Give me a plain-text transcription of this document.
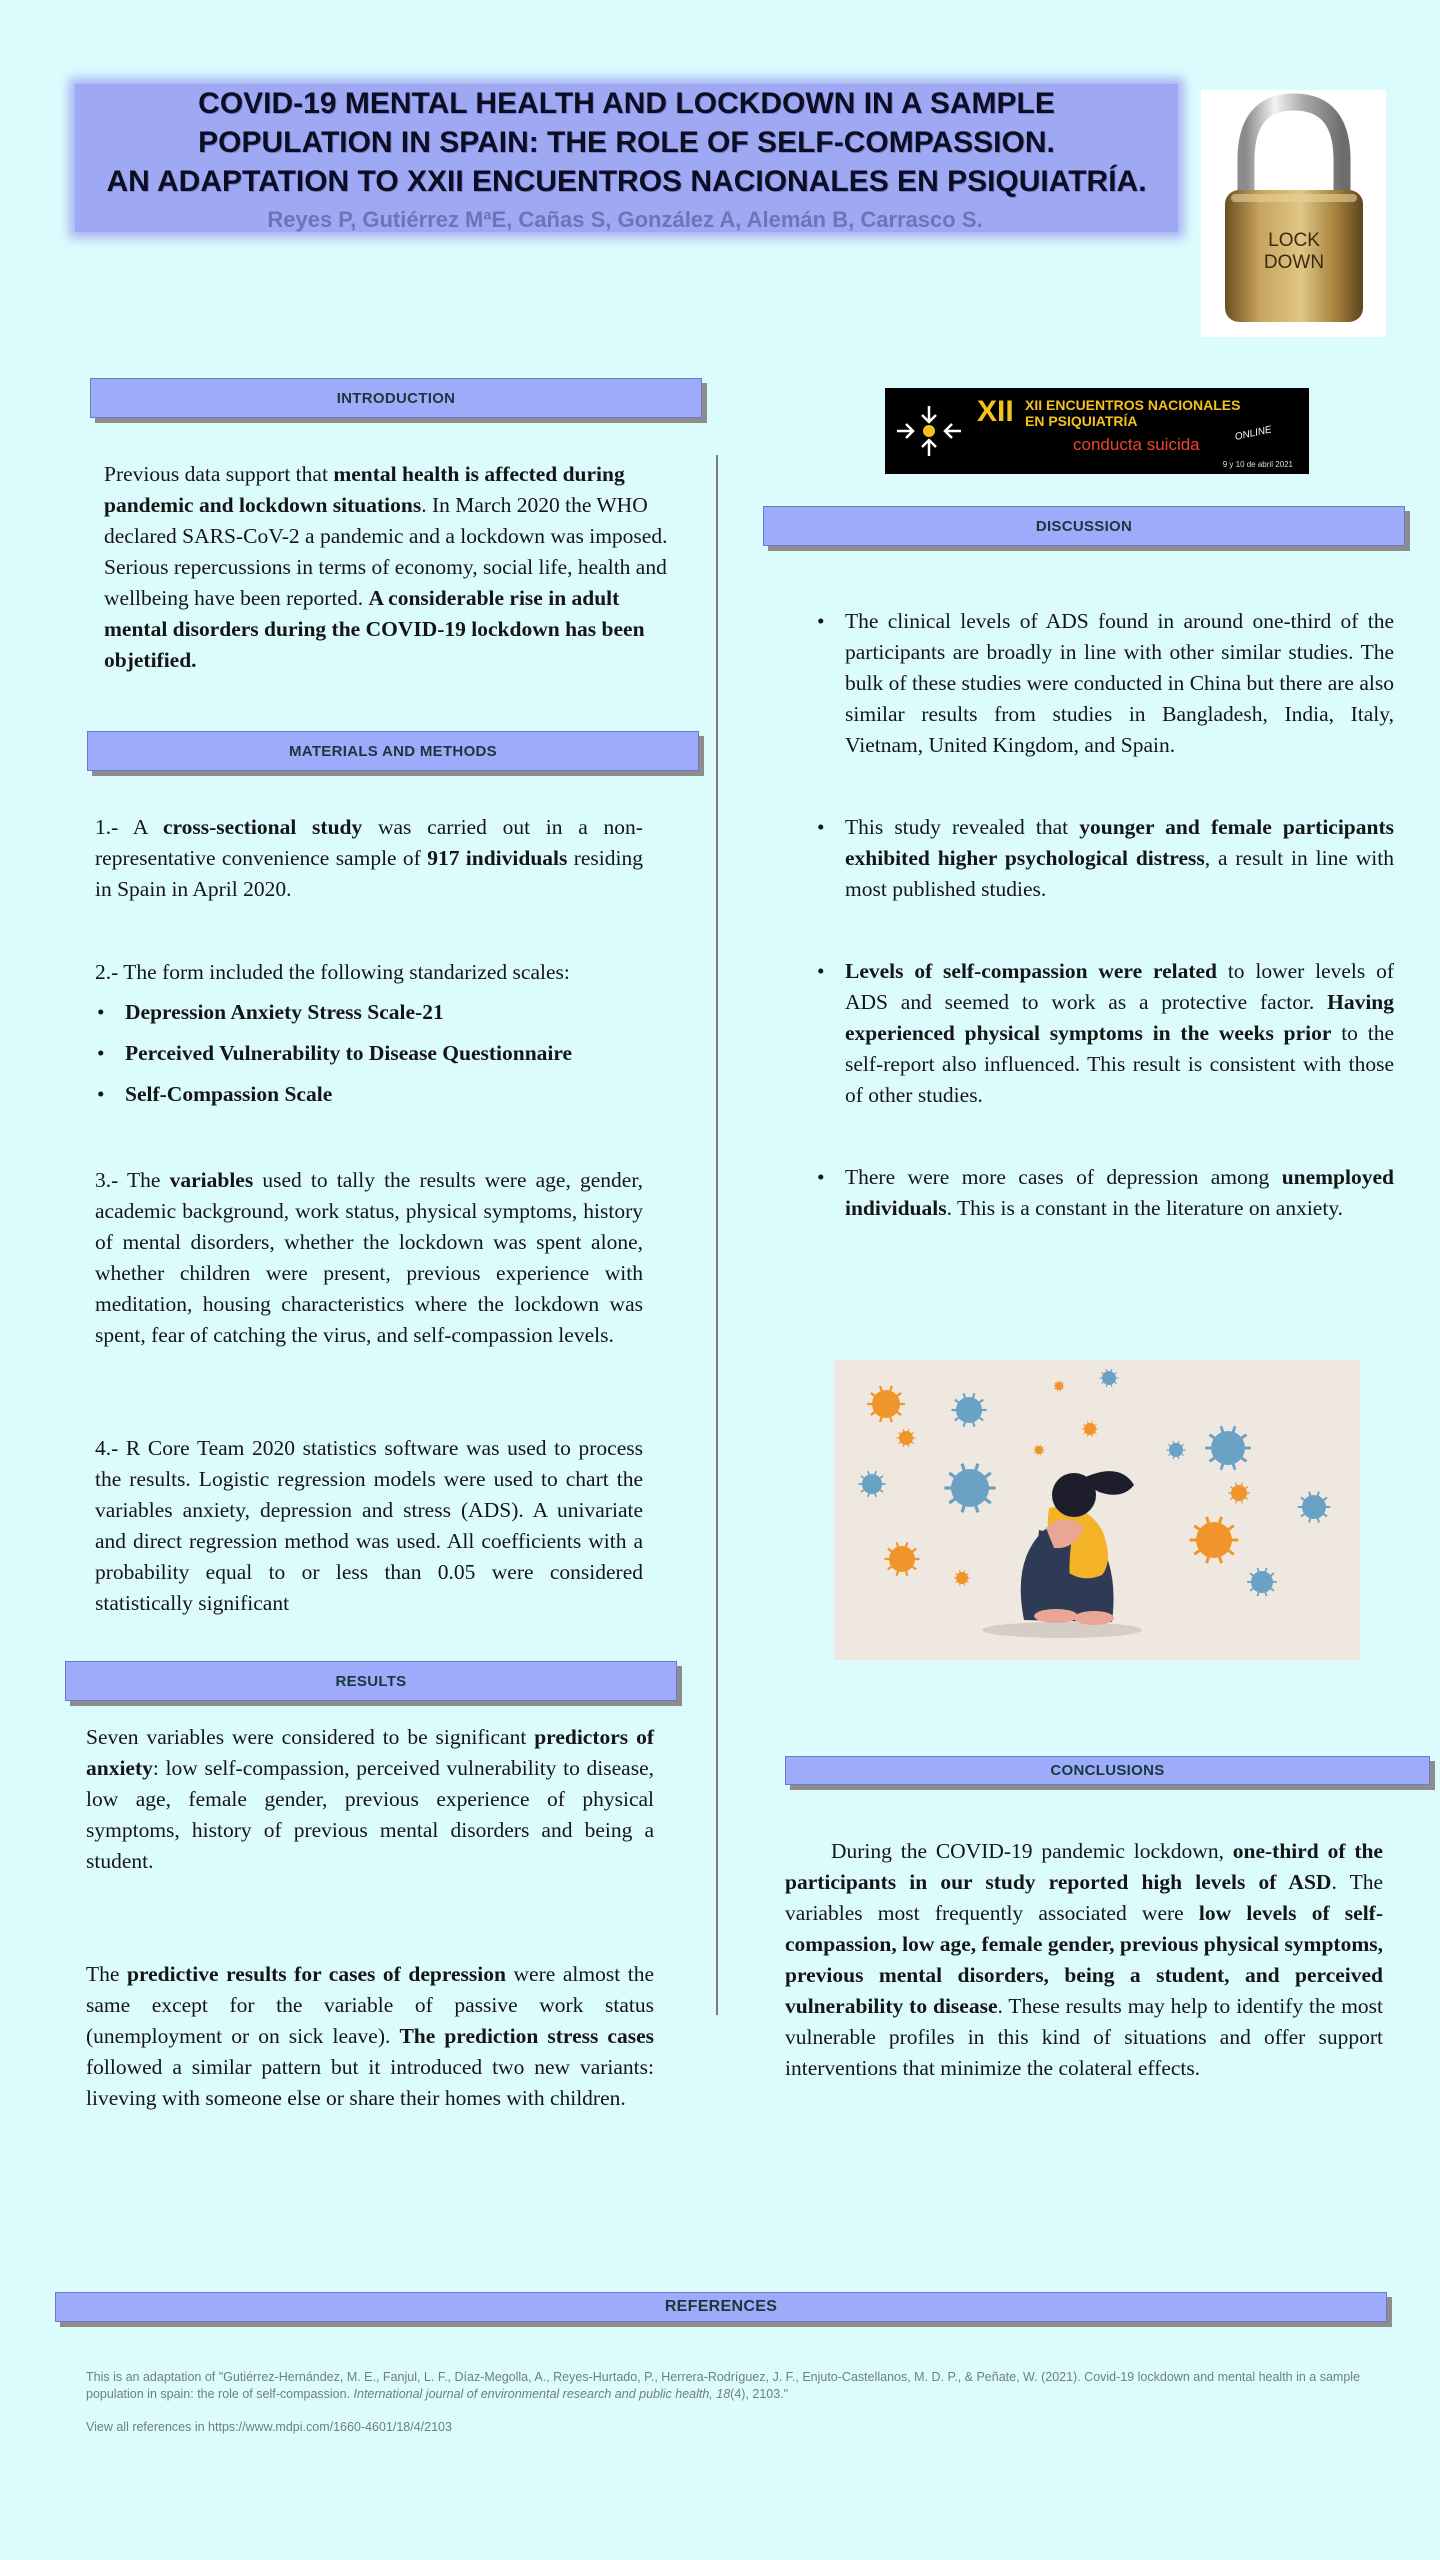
COVID-19 MENTAL HEALTH AND LOCKDOWN IN A SAMPLE
POPULATION IN SPAIN: THE ROLE OF SELF-COMPASSION.
AN ADAPTATION TO XXII ENCUENTROS NACIONALES EN PSIQUIATRÍA.
Reyes P, Gutiérrez MªE, Cañas S, González A, Alemán B, Carrasco S.
LOCK
DOWN
XII XII ENCUENTROS NACIONALES
EN PSIQUIATRÍA
ONLINE
conducta suicida
9 y 10 de abril 2021
INTRODUCTION

Previous data support that mental health is affected during pandemic and lockdown situations. In March 2020 the WHO declared SARS-CoV-2 a pandemic and a lockdown was imposed. Serious repercussions in terms of economy, social life, health and wellbeing have been reported. A considerable rise in adult mental disorders during the COVID-19 lockdown has been objetified.

MATERIALS AND METHODS

1.- A cross-sectional study was carried out in a non-representative convenience sample of 917 individuals residing in Spain in April 2020.

2.- The form included the following standarized scales:

• Depression Anxiety Stress Scale-21
• Perceived Vulnerability to Disease Questionnaire
• Self-Compassion Scale

3.- The variables used to tally the results were age, gender, academic background, work status, physical symptoms, history of mental disorders, whether the lockdown was spent alone, whether children were present, previous experience with meditation, housing characteristics where the lockdown was spent, fear of catching the virus, and self-compassion levels.

4.- R Core Team 2020 statistics software was used to process the results. Logistic regression models were used to chart the variables anxiety, depression and stress (ADS). A univariate and direct regression method was used. All coefficients with a probability equal to or less than 0.05 were considered statistically significant

RESULTS

Seven variables were considered to be significant predictors of anxiety: low self-compassion, perceived vulnerability to disease, low age, female gender, previous experience of physical symptoms, history of previous mental disorders and being a student.

The predictive results for cases of depression were almost the same except for the variable of passive work status (unemployment or on sick leave). The prediction stress cases followed a similar pattern but it introduced two new variants: liveving with someone else or share their homes with children.

DISCUSSION
• The clinical levels of ADS found in around one-third of the participants are broadly in line with other similar studies. The bulk of these studies were conducted in China but there are also similar results from studies in Bangladesh, India, Italy, Vietnam, United Kingdom, and Spain.
• This study revealed that younger and female participants exhibited higher psychological distress, a result in line with most published studies.
• Levels of self-compassion were related to lower levels of ADS and seemed to work as a protective factor. Having experienced physical symptoms in the weeks prior to the self-report also influenced. This result is consistent with those of other studies.
• There were more cases of depression among unemployed individuals. This is a constant in the literature on anxiety.
CONCLUSIONS

During the COVID-19 pandemic lockdown, one-third of the participants in our study reported high levels of ASD. The variables most frequently associated were low levels of self-compassion, low age, female gender, previous physical symptoms, previous mental disorders, being a student, and perceived vulnerability to disease. These results may help to identify the most vulnerable profiles in this kind of situations and offer support interventions that minimize the colateral effects.

REFERENCES

This is an adaptation of "Gutiérrez-Hernández, M. E., Fanjul, L. F., Díaz-Megolla, A., Reyes-Hurtado, P., Herrera-Rodríguez, J. F., Enjuto-Castellanos, M. D. P., & Peñate, W. (2021). Covid-19 lockdown and mental health in a sample population in spain: the role of self-compassion. International journal of environmental research and public health, 18(4), 2103."

View all references in https://www.mdpi.com/1660-4601/18/4/2103
